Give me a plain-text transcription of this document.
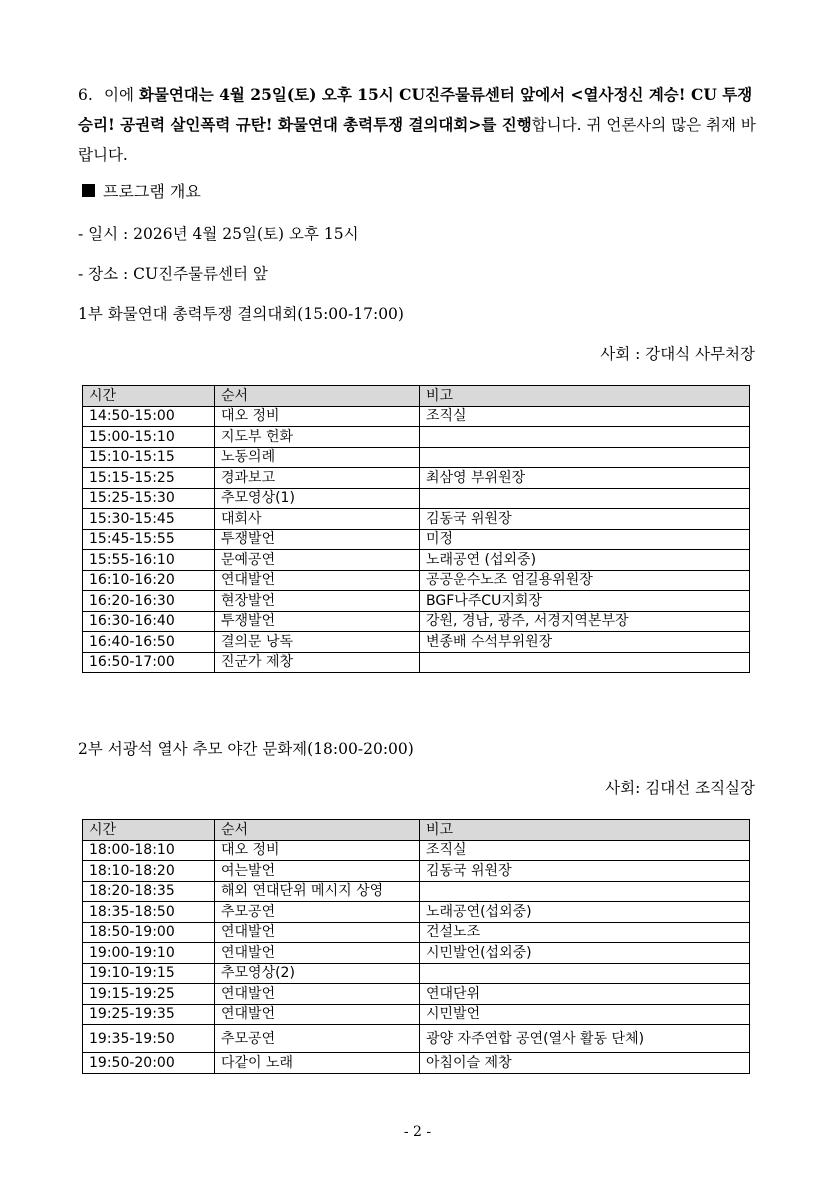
6. 이에 화물연대는 4월 25일(토) 오후 15시 CU진주물류센터 앞에서 <열사정신 계승! CU 투쟁 승리! 공권력 살인폭력 규탄! 화물연대 총력투쟁 결의대회>를 진행합니다. 귀 언론사의 많은 취재 바랍니다.
프로그램 개요
- 일시 : 2026년 4월 25일(토) 오후 15시
- 장소 : CU진주물류센터 앞
1부 화물연대 총력투쟁 결의대회(15:00-17:00)
사회 : 강대식 사무처장
시간	순서	비고
14:50-15:00	대오 정비	조직실
15:00-15:10	지도부 헌화	
15:10-15:15	노동의례	
15:15-15:25	경과보고	최삼영 부위원장
15:25-15:30	추모영상(1)	
15:30-15:45	대회사	김동국 위원장
15:45-15:55	투쟁발언	미정
15:55-16:10	문예공연	노래공연 (섭외중)
16:10-16:20	연대발언	공공운수노조 엄길용위원장
16:20-16:30	현장발언	BGF나주CU지회장
16:30-16:40	투쟁발언	강원, 경남, 광주, 서경지역본부장
16:40-16:50	결의문 낭독	변종배 수석부위원장
16:50-17:00	진군가 제창	
2부 서광석 열사 추모 야간 문화제(18:00-20:00)
사회: 김대선 조직실장
시간	순서	비고
18:00-18:10	대오 정비	조직실
18:10-18:20	여는발언	김동국 위원장
18:20-18:35	해외 연대단위 메시지 상영	
18:35-18:50	추모공연	노래공연(섭외중)
18:50-19:00	연대발언	건설노조
19:00-19:10	연대발언	시민발언(섭외중)
19:10-19:15	추모영상(2)	
19:15-19:25	연대발언	연대단위
19:25-19:35	연대발언	시민발언
19:35-19:50	추모공연	광양 자주연합 공연(열사 활동 단체)
19:50-20:00	다같이 노래	아침이슬 제창
- 2 -
